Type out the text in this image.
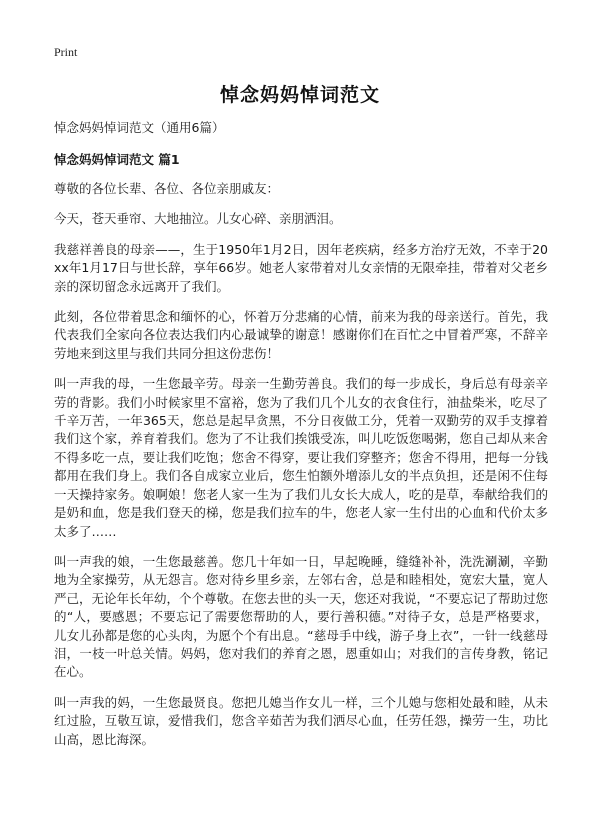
Print
悼念妈妈悼词范文
悼念妈妈悼词范文（通用6篇）
悼念妈妈悼词范文 篇1

尊敬的各位长辈、各位、各位亲朋戚友：

今天，苍天垂帘、大地抽泣。儿女心碎、亲朋洒泪。

我慈祥善良的母亲——，生于1950年1月2日，因年老疾病，经多方治疗无效，不幸于20xx年1月17日与世长辞，享年66岁。她老人家带着对儿女亲情的无限牵挂，带着对父老乡亲的深切留念永远离开了我们。

此刻，各位带着思念和缅怀的心，怀着万分悲痛的心情，前来为我的母亲送行。首先，我代表我们全家向各位表达我们内心最诚挚的谢意！感谢你们在百忙之中冒着严寒，不辞辛劳地来到这里与我们共同分担这份悲伤！

叫一声我的母，一生您最辛劳。母亲一生勤劳善良。我们的每一步成长，身后总有母亲辛劳的背影。我们小时候家里不富裕，您为了我们几个儿女的衣食住行，油盐柴米，吃尽了千辛万苦，一年365天，您总是起早贪黑，不分日夜做工分，凭着一双勤劳的双手支撑着我们这个家，养育着我们。您为了不让我们挨饿受冻，叫儿吃饭您喝粥，您自己却从来舍不得多吃一点，要让我们吃饱；您舍不得穿，要让我们穿整齐；您舍不得用，把每一分钱都用在我们身上。我们各自成家立业后，您生怕额外增添儿女的半点负担，还是闲不住每一天操持家务。娘啊娘！您老人家一生为了我们儿女长大成人，吃的是草，奉献给我们的是奶和血，您是我们登天的梯，您是我们拉车的牛，您老人家一生付出的心血和代价太多太多了……

叫一声我的娘，一生您最慈善。您几十年如一日，早起晚睡，缝缝补补，洗洗涮涮，辛勤地为全家操劳，从无怨言。您对待乡里乡亲，左邻右舍，总是和睦相处，宽宏大量，宽人严己，无论年长年幼，个个尊敬。在您去世的头一天，您还对我说，“不要忘记了帮助过您的“人，要感恩；不要忘记了需要您帮助的人，要行善积德。”对待子女，总是严格要求，儿女儿孙都是您的心头肉，为愿个个有出息。“慈母手中线，游子身上衣”，一针一线慈母泪，一枝一叶总关情。妈妈，您对我们的养育之恩，恩重如山；对我们的言传身教，铭记在心。

叫一声我的妈，一生您最贤良。您把儿媳当作女儿一样，三个儿媳与您相处最和睦，从未红过脸，互敬互谅，爱惜我们，您含辛茹苦为我们洒尽心血，任劳任怨，操劳一生，功比山高，恩比海深。
